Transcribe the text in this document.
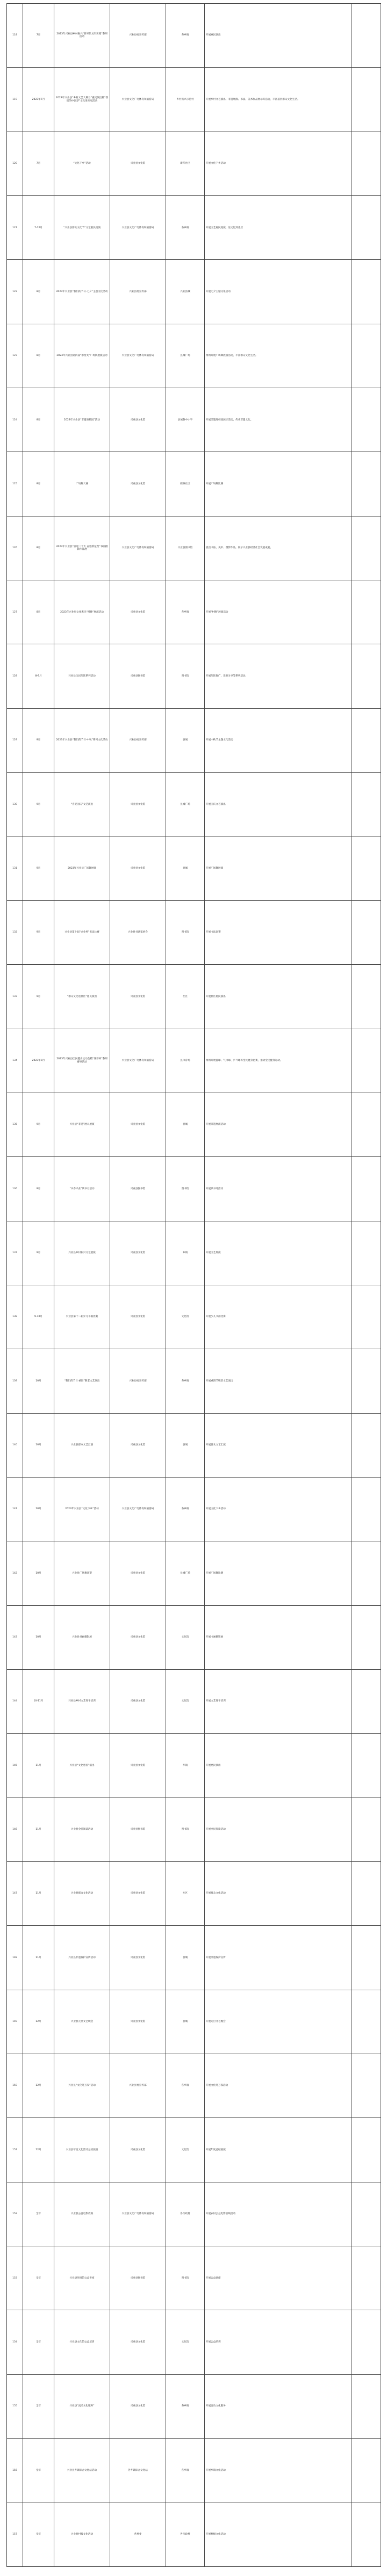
118	7月	2023年兴业县乡村振兴“新时代文明实践”系列活动	兴业县委宣传部	各乡镇	开展惠民演出	
119	2023年7月	2023年兴业县“乡村文艺大舞台”惠民演出暨“我们的中国梦”文化进万家活动	兴业县文化广电体育和旅游局	乡村振兴示范村	开展乡村文艺演出、非遗展演、书法、美术作品展示等活动，丰富基层群众文化生活。	
120	7月	“文化下乡”活动	兴业县文化馆	新华社区	开展文化下乡活动	
121	7-12月	“兴业县群众文化节”文艺惠民巡演	兴业县文化广电体育和旅游局	各乡镇	开展文艺惠民巡演，送文化到基层	
122	8月	2023年兴业县“我们的节日·七夕”主题文化活动	兴业县委宣传部	兴业县城	开展七夕主题文化活动	
123	8月	2023年兴业县第四届“群星奖”广场舞展演活动	兴业县文化广电体育和旅游局	县城广场	组织开展广场舞展演活动，丰富群众文化生活。	
124	8月	2023年兴业县“非遗进校园”活动	兴业县文化馆	县城各中小学	开展非遗进校园展示活动，传承非遗文化。	
125	8月	广场舞大赛	兴业县文化馆	鹤林社区	开展广场舞比赛	
126	8月	2023年兴业县“喜迎二十大 奋进新征程”书画摄影作品展	兴业县文化广电体育和旅游局	兴业县图书馆	展出书法、美术、摄影作品，展示兴业县经济社会发展成就。	
127	8月	2023年兴业县文化惠民“村晚”展演活动	兴业县文化馆	各乡镇	开展“村晚”展演活动	
128	8-9月	兴业县全民阅读系列活动	兴业县图书馆	图书馆	开展阅读推广、读书分享等系列活动。	
129	9月	2023年兴业县“我们的节日·中秋”系列文化活动	兴业县委宣传部	县城	开展中秋节主题文化活动	
130	9月	“喜迎国庆”文艺演出	兴业县文化馆	县城广场	开展国庆文艺演出	
131	9月	2023年兴业县广场舞展演	兴业县文化馆	县城	开展广场舞展演	
132	9月	兴业县第十届“兴业杯”书法比赛	兴业县书法家协会	图书馆	开展书法比赛	
133	9月	“群众文化进社区”惠民演出	兴业县文化馆	社区	开展社区惠民演出	
134	2023年9月	2023年兴业县全民健身运动会暨“体彩杯”系列赛事活动	兴业县文化广电体育和旅游局	县体育场	组织开展篮球、气排球、乒乓球等全民健身比赛，推动全民健身运动。	
135	9月	兴业县“非遗”展示展演	兴业县文化馆	县城	开展非遗展演活动	
136	9月	“书香兴业”读书月活动	兴业县图书馆	图书馆	开展读书月活动	
137	9月	兴业县乡村振兴文艺展演	兴业县文化馆	乡镇	开展文艺展演	
138	9-10月	兴业县第十二届少儿书画比赛	兴业县文化馆	文化馆	开展少儿书画比赛	
139	10月	“我们的节日·重阳”敬老文艺演出	兴业县委宣传部	各乡镇	开展重阳节敬老文艺演出	
140	10月	兴业县群众文艺汇演	兴业县文化馆	县城	开展群众文艺汇演	
141	10月	2023年兴业县“文化下乡”活动	兴业县文化广电体育和旅游局	各乡镇	开展文化下乡活动	
142	10月	兴业县广场舞比赛	兴业县文化馆	县城广场	开展广场舞比赛	
143	10月	兴业县书画摄影展	兴业县文化馆	文化馆	开展书画摄影展	
144	10-11月	兴业县乡村文艺骨干培训	兴业县文化馆	文化馆	开展文艺骨干培训	
145	11月	兴业县“文化惠民”演出	兴业县文化馆	乡镇	开展惠民演出	
146	11月	兴业县全民阅读活动	兴业县图书馆	图书馆	开展全民阅读活动	
147	11月	兴业县群众文化活动	兴业县文化馆	社区	开展群众文化活动	
148	11月	兴业县非遗保护宣传活动	兴业县文化馆	县城	开展非遗保护宣传	
149	12月	兴业县元旦文艺晚会	兴业县文化馆	县城	开展元旦文艺晚会	
150	12月	兴业县“文化进万家”活动	兴业县委宣传部	各乡镇	开展文化进万家活动	
151	12月	兴业县年度文化活动总结展演	兴业县文化馆	文化馆	开展年度总结展演	
152	全年	兴业县公益电影放映	兴业县文化广电体育和旅游局	各行政村	开展农村公益电影放映活动	
153	全年	兴业县图书馆公益讲座	兴业县图书馆	图书馆	开展公益讲座	
154	全年	兴业县文化馆公益培训	兴业县文化馆	文化馆	开展公益培训	
155	全年	兴业县“流动文化服务”	兴业县文化馆	各乡镇	开展流动文化服务	
156	全年	兴业县乡镇综合文化站活动	各乡镇综合文化站	各乡镇	开展乡镇文化活动	
157	全年	兴业县村级文化活动	各村委	各行政村	开展村级文化活动	
